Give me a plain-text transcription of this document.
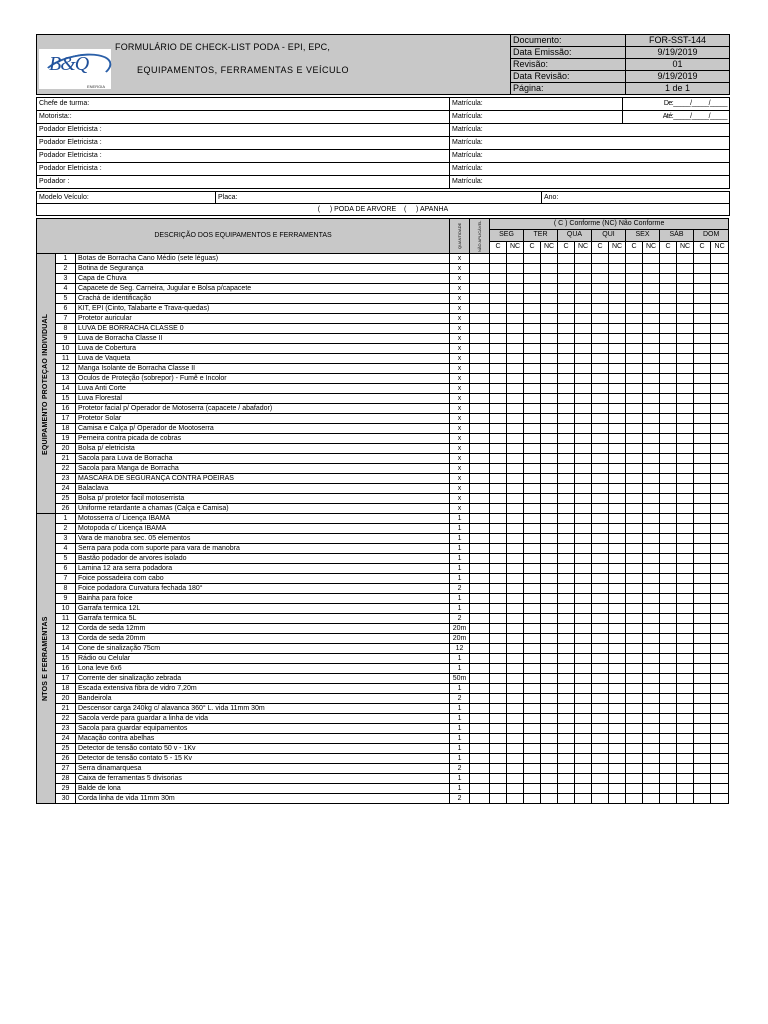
B&Q
ENERGIA
FORMULÁRIO DE CHECK-LIST PODA - EPI, EPC,
EQUIPAMENTOS, FERRAMENTAS E VEÍCULO	Documento:	FOR-SST-144
	Data Emissão:	9/19/2019
	Revisão:	01
	Data Revisão:	9/19/2019
	Página:	1 de 1
Chefe de turma:	Matrícula:	De:_____/_____/_____
Motorista::	Matrícula:	Até:_____/_____/_____
Podador Eletricista :	Matrícula:	
Podador Eletricista :	Matrícula:	
Podador Eletricista :	Matrícula:	
Podador Eletricista :	Matrícula:	
Podador :	Matrícula:	
Modelo Veículo:	Placa:	Ano:
(     ) PODA DE ARVORE    (     ) APANHA
DESCRIÇÃO DOS EQUIPAMENTOS E FERRAMENTAS			QUANTIDADE	NÃO APLICÁVEL	( C ) Conforme (NC) Não Conforme													
					SEG		TER		QUA		QUI		SEX		SÁB		DOM	
					C	NC	C	NC	C	NC	C	NC	C	NC	C	NC	C	NC

EQUIPAMENTO PROTEÇÃO INDIVIDUAL	1	Botas de Borracha Cano Médio (sete léguas)	x															
	2	Botina de Segurança	x															
	3	Capa de Chuva	x															
	4	Capacete de Seg. Carneira, Jugular e Bolsa p/capacete	x															
	5	Crachá de identificação	x															
	6	KIT, EPI (Cinto, Talabarte e Trava-quedas)	x															
	7	Protetor auricular	x															
	8	LUVA DE BORRACHA CLASSE 0	x															
	9	Luva de Borracha Classe II	x															
	10	Luva de Cobertura	x															
	11	Luva de Vaqueta	x															
	12	Manga Isolante de Borracha Classe II	x															
	13	Oculos de Proteção (sobrepor) - Fumê e Incolor	x															
	14	Luva Anti Corte	x															
	15	Luva Florestal	x															
	16	Protetor facial p/ Operador de Motoserra (capacete / abafador)	x															
	17	Protetor Solar	x															
	18	Camisa e Calça p/ Operador de Mootoserra	x															
	19	Perneira contra picada de cobras	x															
	20	Bolsa p/ eletricista	x															
	21	Sacola para Luva de Borracha	x															
	22	Sacola para Manga de Borracha	x															
	23	MASCARA DE SEGURANÇA CONTRA POEIRAS	x															
	24	Balaclava	x															
	25	Bolsa p/ protetor facil motoserrista	x															
	26	Uniforme retardante a chamas (Calça e Camisa)	x															

NTOS E FERRAMENTAS	1	Motosserra c/ Licença IBAMA	1															
	2	Motopoda c/ Licença IBAMA	1															
	3	Vara de manobra sec. 05 elementos	1															
	4	Serra para poda com suporte para vara de manobra	1															
	5	Bastão podador de arvores isolado	1															
	6	Lamina 12 ara serra podadora	1															
	7	Foice possadeira com cabo	1															
	8	Foice podadora Curvatura fechada 180°	2															
	9	Bainha para foice	1															
	10	Garrafa termica 12L	1															
	11	Garrafa termica 5L	2															
	12	Corda de seda 12mm	20m															
	13	Corda de seda 20mm	20m															
	14	Cone de sinalização 75cm	12															
	15	Rádio ou Celular	1															
	16	Lona leve 6x6	1															
	17	Corrente der sinalização zebrada	50m															
	18	Escada extensiva fibra de vidro 7,20m	1															
	20	Bandeirola	2															
	21	Descensor carga 240kg c/ alavanca 360° L. vida 11mm 30m	1															
	22	Sacola verde para guardar a linha de vida	1															
	23	Sacola para guardar equipamentos	1															
	24	Macação contra abelhas	1															
	25	Detector de tensão contato 50 v - 1Kv	1															
	26	Detector de tensão contato 5 - 15 Kv	1															
	27	Serra dinamarquesa	2															
	28	Caixa de ferramentas 5 divisorias	1															
	29	Balde de lona	1															
	30	Corda linha de vida 11mm 30m	2															
